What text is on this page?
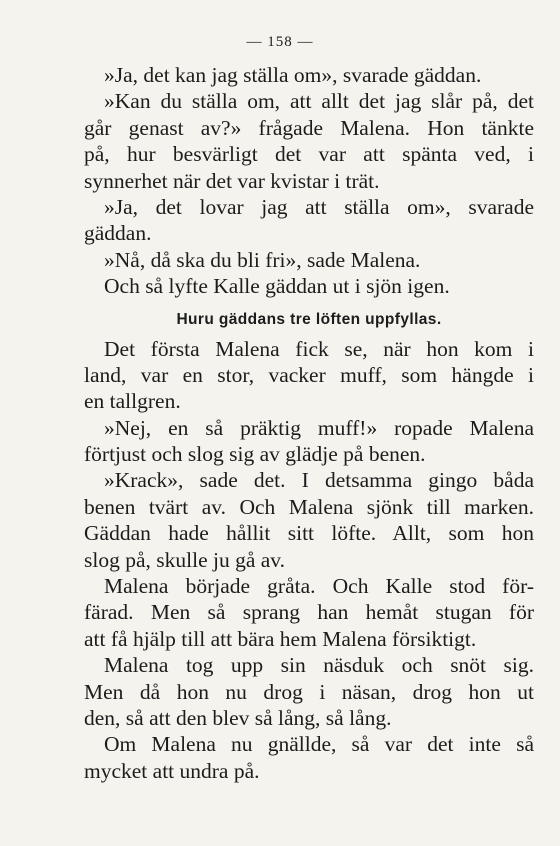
— 158 —
»Ja, det kan jag ställa om», svarade gäddan.
»Kan du ställa om, att allt det jag slår på, det
går genast av?» frågade Malena. Hon tänkte
på, hur besvärligt det var att spänta ved, i
synnerhet när det var kvistar i trät.
»Ja, det lovar jag att ställa om», svarade
gäddan.
»Nå, då ska du bli fri», sade Malena.
Och så lyfte Kalle gäddan ut i sjön igen.
Huru gäddans tre löften uppfyllas.
Det första Malena fick se, när hon kom i
land, var en stor, vacker muff, som hängde i
en tallgren.
»Nej, en så präktig muff!» ropade Malena
förtjust och slog sig av glädje på benen.
»Krack», sade det. I detsamma gingo båda
benen tvärt av. Och Malena sjönk till marken.
Gäddan hade hållit sitt löfte. Allt, som hon
slog på, skulle ju gå av.
Malena började gråta. Och Kalle stod för-
färad. Men så sprang han hemåt stugan för
att få hjälp till att bära hem Malena försiktigt.
Malena tog upp sin näsduk och snöt sig.
Men då hon nu drog i näsan, drog hon ut
den, så att den blev så lång, så lång.
Om Malena nu gnällde, så var det inte så
mycket att undra på.
